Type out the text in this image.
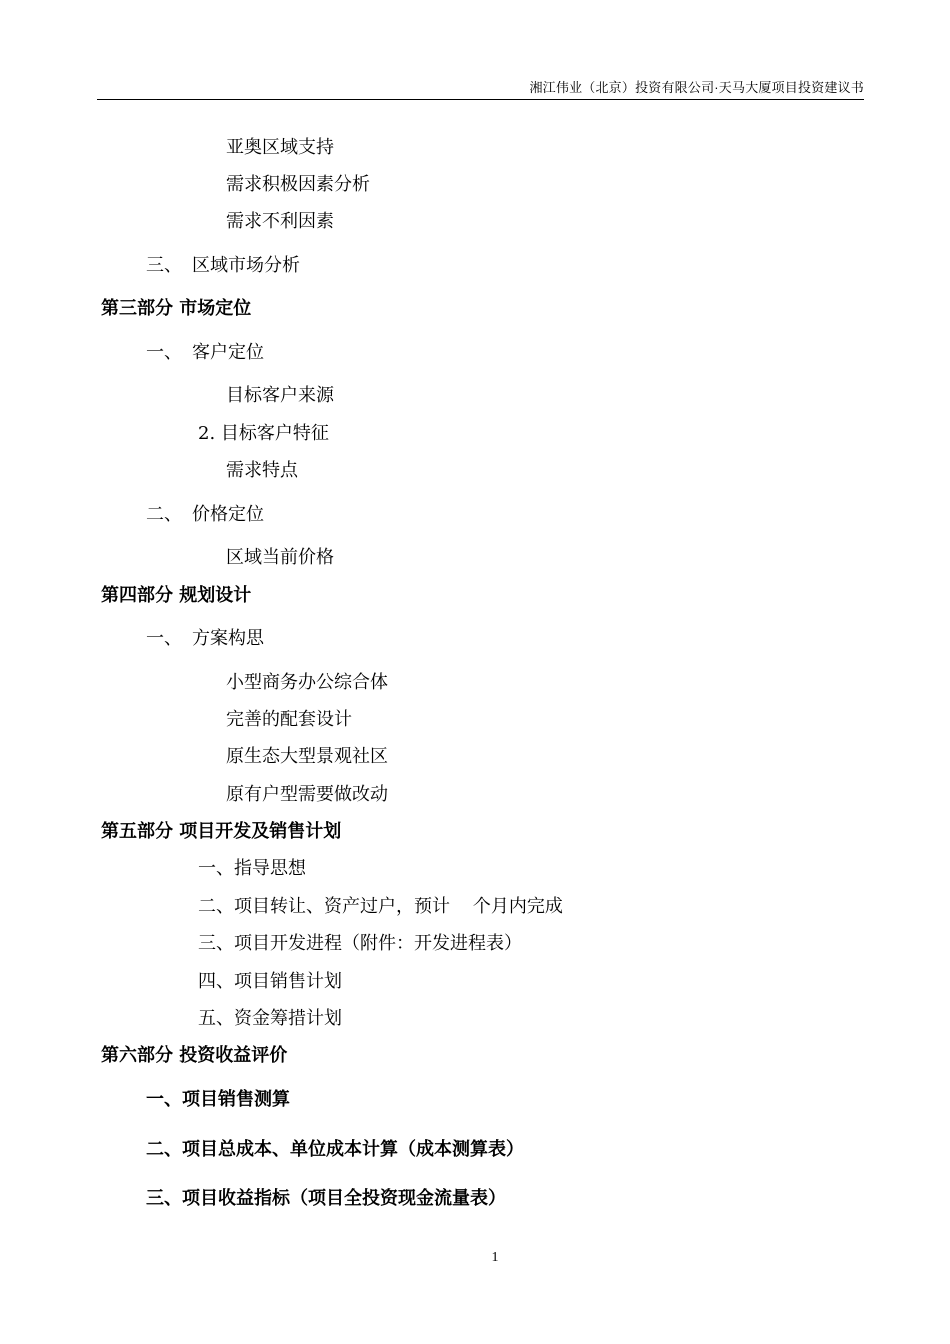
湘江伟业（北京）投资有限公司·天马大厦项目投资建议书
亚奥区域支持
需求积极因素分析
需求不利因素
三、 区域市场分析
第三部分 市场定位
一、 客户定位
目标客户来源
2. 目标客户特征
需求特点
二、 价格定位
区域当前价格
第四部分 规划设计
一、 方案构思
小型商务办公综合体
完善的配套设计
原生态大型景观社区
原有户型需要做改动
第五部分 项目开发及销售计划
一、指导思想
二、项目转让、资产过户，预计    个月内完成
三、项目开发进程（附件：开发进程表）
四、项目销售计划
五、资金筹措计划
第六部分 投资收益评价
一、项目销售测算
二、项目总成本、单位成本计算（成本测算表）
三、项目收益指标（项目全投资现金流量表）
1
